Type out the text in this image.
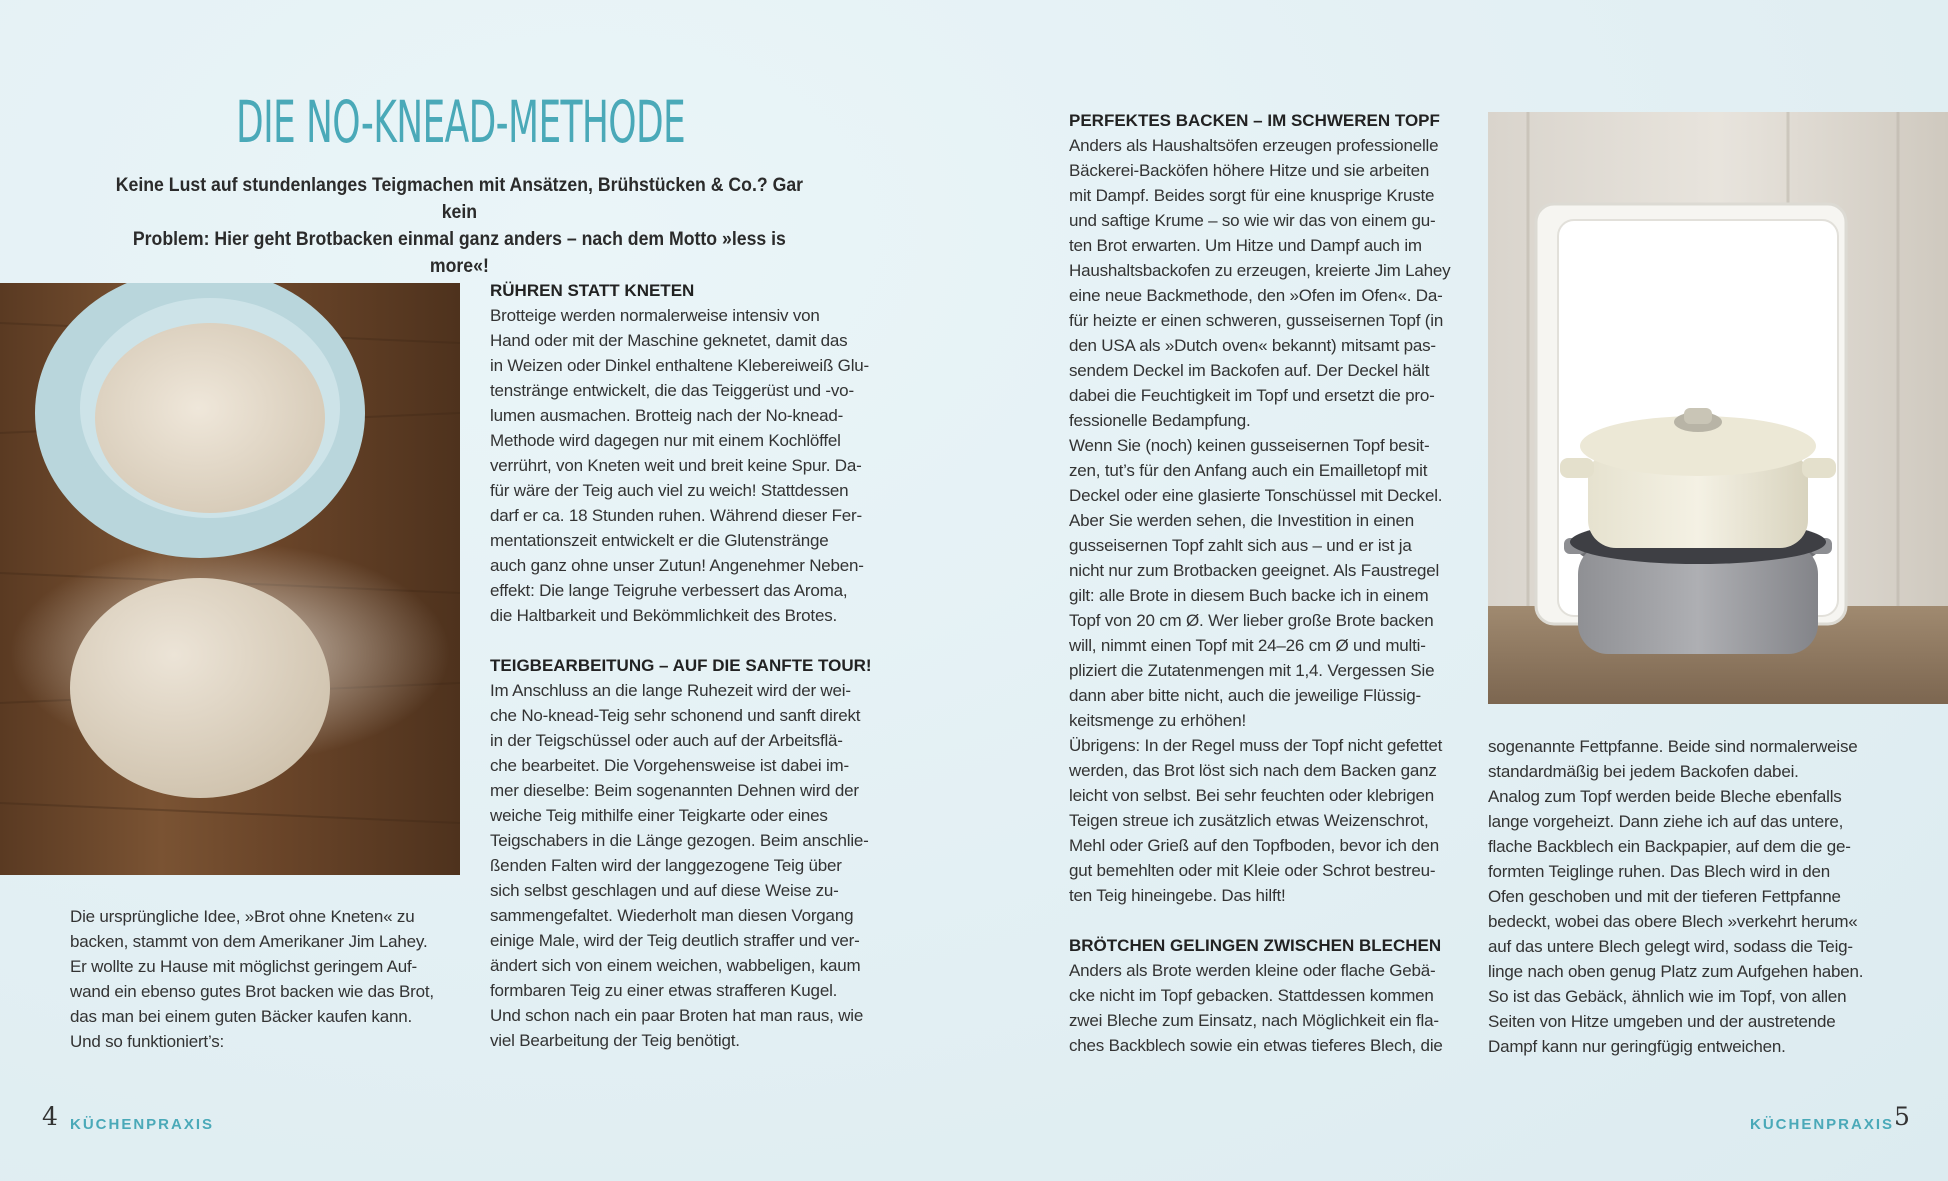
DIE NO-KNEAD-METHODE
Keine Lust auf stundenlanges Teigmachen mit Ansätzen, Brühstücken & Co.? Gar kein
Problem: Hier geht Brotbacken einmal ganz anders – nach dem Motto »less is more«!

Die ursprüngliche Idee, »Brot ohne Kneten« zu

backen, stammt von dem Amerikaner Jim Lahey.

Er wollte zu Hause mit möglichst geringem Auf-

wand ein ebenso gutes Brot backen wie das Brot,

das man bei einem guten Bäcker kaufen kann.

Und so funktioniert’s:

RÜHREN STATT KNETEN

Brotteige werden normalerweise intensiv von

Hand oder mit der Maschine geknetet, damit das

in Weizen oder Dinkel enthaltene Klebereiweiß Glu-

tenstränge entwickelt, die das Teiggerüst und -vo-

lumen ausmachen. Brotteig nach der No-knead-

Methode wird dagegen nur mit einem Kochlöffel

verrührt, von Kneten weit und breit keine Spur. Da-

für wäre der Teig auch viel zu weich! Stattdessen

darf er ca. 18 Stunden ruhen. Während dieser Fer-

mentationszeit entwickelt er die Glutenstränge

auch ganz ohne unser Zutun! Angenehmer Neben-

effekt: Die lange Teigruhe verbessert das Aroma,

die Haltbarkeit und Bekömmlichkeit des Brotes.

TEIGBEARBEITUNG – AUF DIE SANFTE TOUR!

Im Anschluss an die lange Ruhezeit wird der wei-

che No-knead-Teig sehr schonend und sanft direkt

in der Teigschüssel oder auch auf der Arbeitsflä-

che bearbeitet. Die Vorgehensweise ist dabei im-

mer dieselbe: Beim sogenannten Dehnen wird der

weiche Teig mithilfe einer Teigkarte oder eines

Teigschabers in die Länge gezogen. Beim anschlie-

ßenden Falten wird der langgezogene Teig über

sich selbst geschlagen und auf diese Weise zu-

sammengefaltet. Wiederholt man diesen Vorgang

einige Male, wird der Teig deutlich straffer und ver-

ändert sich von einem weichen, wabbeligen, kaum

formbaren Teig zu einer etwas strafferen Kugel.

Und schon nach ein paar Broten hat man raus, wie

viel Bearbeitung der Teig benötigt.

PERFEKTES BACKEN – IM SCHWEREN TOPF

Anders als Haushaltsöfen erzeugen professionelle

Bäckerei-Backöfen höhere Hitze und sie arbeiten

mit Dampf. Beides sorgt für eine knusprige Kruste

und saftige Krume – so wie wir das von einem gu-

ten Brot erwarten. Um Hitze und Dampf auch im

Haushaltsbackofen zu erzeugen, kreierte Jim Lahey

eine neue Backmethode, den »Ofen im Ofen«. Da-

für heizte er einen schweren, gusseisernen Topf (in

den USA als »Dutch oven« bekannt) mitsamt pas-

sendem Deckel im Backofen auf. Der Deckel hält

dabei die Feuchtigkeit im Topf und ersetzt die pro-

fessionelle Bedampfung.

Wenn Sie (noch) keinen gusseisernen Topf besit-

zen, tut’s für den Anfang auch ein Emailletopf mit

Deckel oder eine glasierte Tonschüssel mit Deckel.

Aber Sie werden sehen, die Investition in einen

gusseisernen Topf zahlt sich aus – und er ist ja

nicht nur zum Brotbacken geeignet. Als Faustregel

gilt: alle Brote in diesem Buch backe ich in einem

Topf von 20 cm Ø. Wer lieber große Brote backen

will, nimmt einen Topf mit 24–26 cm Ø und multi-

pliziert die Zutatenmengen mit 1,4. Vergessen Sie

dann aber bitte nicht, auch die jeweilige Flüssig-

keitsmenge zu erhöhen!

Übrigens: In der Regel muss der Topf nicht gefettet

werden, das Brot löst sich nach dem Backen ganz

leicht von selbst. Bei sehr feuchten oder klebrigen

Teigen streue ich zusätzlich etwas Weizenschrot,

Mehl oder Grieß auf den Topfboden, bevor ich den

gut bemehlten oder mit Kleie oder Schrot bestreu-

ten Teig hineingebe. Das hilft!

BRÖTCHEN GELINGEN ZWISCHEN BLECHEN

Anders als Brote werden kleine oder flache Gebä-

cke nicht im Topf gebacken. Stattdessen kommen

zwei Bleche zum Einsatz, nach Möglichkeit ein fla-

ches Backblech sowie ein etwas tieferes Blech, die

sogenannte Fettpfanne. Beide sind normalerweise

standardmäßig bei jedem Backofen dabei.

Analog zum Topf werden beide Bleche ebenfalls

lange vorgeheizt. Dann ziehe ich auf das untere,

flache Backblech ein Backpapier, auf dem die ge-

formten Teiglinge ruhen. Das Blech wird in den

Ofen geschoben und mit der tieferen Fettpfanne

bedeckt, wobei das obere Blech »verkehrt herum«

auf das untere Blech gelegt wird, sodass die Teig-

linge nach oben genug Platz zum Aufgehen haben.

So ist das Gebäck, ähnlich wie im Topf, von allen

Seiten von Hitze umgeben und der austretende

Dampf kann nur geringfügig entweichen.

4 KÜCHENPRAXIS	KÜCHENPRAXIS 5
